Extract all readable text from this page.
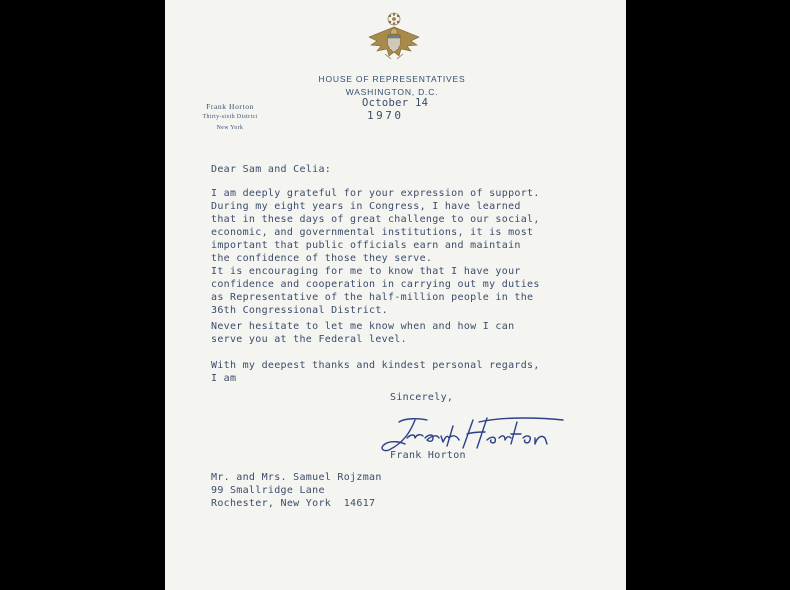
HOUSE OF REPRESENTATIVES
WASHINGTON, D.C.
Frank Horton
Thirty-sixth District
New York
October 14
1970
Dear Sam and Celia:
I am deeply grateful for your expression of support.
During my eight years in Congress, I have learned
that in these days of great challenge to our social,
economic, and governmental institutions, it is most
important that public officials earn and maintain
the confidence of those they serve.
It is encouraging for me to know that I have your
confidence and cooperation in carrying out my duties
as Representative of the half-million people in the
36th Congressional District.
Never hesitate to let me know when and how I can
serve you at the Federal level.
With my deepest thanks and kindest personal regards,
I am
Sincerely,
Frank Horton
Mr. and Mrs. Samuel Rojzman
99 Smallridge Lane
Rochester, New York  14617
